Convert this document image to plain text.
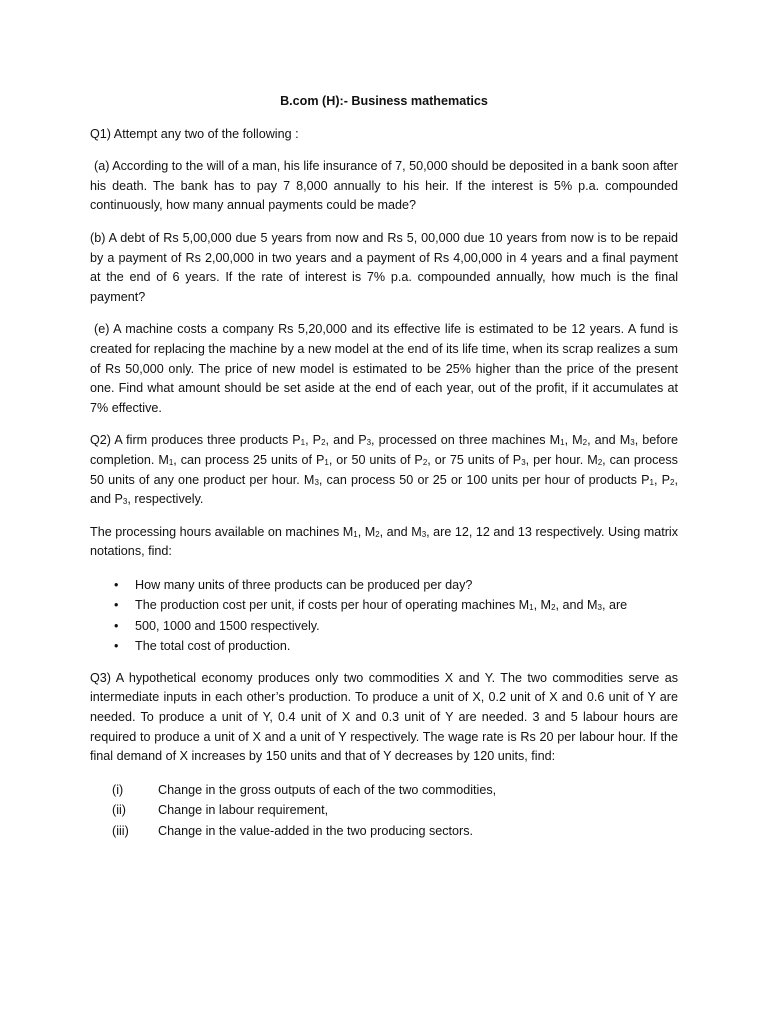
B.com (H):- Business mathematics

Q1) Attempt any two of the following :

(a) According to the will of a man, his life insurance of 7, 50,000 should be deposited in a bank soon after his death. The bank has to pay 7 8,000 annually to his heir. If the interest is 5% p.a. compounded continuously, how many annual payments could be made?

(b) A debt of Rs 5,00,000 due 5 years from now and Rs 5, 00,000 due 10 years from now is to be repaid by a payment of Rs 2,00,000 in two years and a payment of Rs 4,00,000 in 4 years and a final payment at the end of 6 years. If the rate of interest is 7% p.a. compounded annually, how much is the final payment?

(e) A machine costs a company Rs 5,20,000 and its effective life is estimated to be 12 years. A fund is created for replacing the machine by a new model at the end of its life time, when its scrap realizes a sum of Rs 50,000 only. The price of new model is estimated to be 25% higher than the price of the present one. Find what amount should be set aside at the end of each year, out of the profit, if it accumulates at 7% effective.

Q2) A firm produces three products $P_1$, $P_2$, and $P_3$, processed on three machines $M_1$, $M_2$, and $M_3$, before completion. $M_1$, can process 25 units of $P_1$, or 50 units of $P_2$, or 75 units of $P_3$, per hour. $M_2$, can process 50 units of any one product per hour. $M_3$, can process 50 or 25 or 100 units per hour of products $P_1$, $P_2$, and $P_3$, respectively.

The processing hours available on machines $M_1$, $M_2$, and $M_3$, are 12, 12 and 13 respectively. Using matrix notations, find:

• How many units of three products can be produced per day?
• The production cost per unit, if costs per hour of operating machines $M_1$, $M_2$, and $M_3$, are
• 500, 1000 and 1500 respectively.
• The total cost of production.

Q3) A hypothetical economy produces only two commodities X and Y. The two commodities serve as intermediate inputs in each other’s production. To produce a unit of X, 0.2 unit of X and 0.6 unit of Y are needed. To produce a unit of Y, 0.4 unit of X and 0.3 unit of Y are needed. 3 and 5 labour hours are required to produce a unit of X and a unit of Y respectively. The wage rate is Rs 20 per labour hour. If the final demand of X increases by 150 units and that of Y decreases by 120 units, find:

(i)	Change in the gross outputs of each of the two commodities,
(ii)	Change in labour requirement,
(iii)	Change in the value-added in the two producing sectors.
